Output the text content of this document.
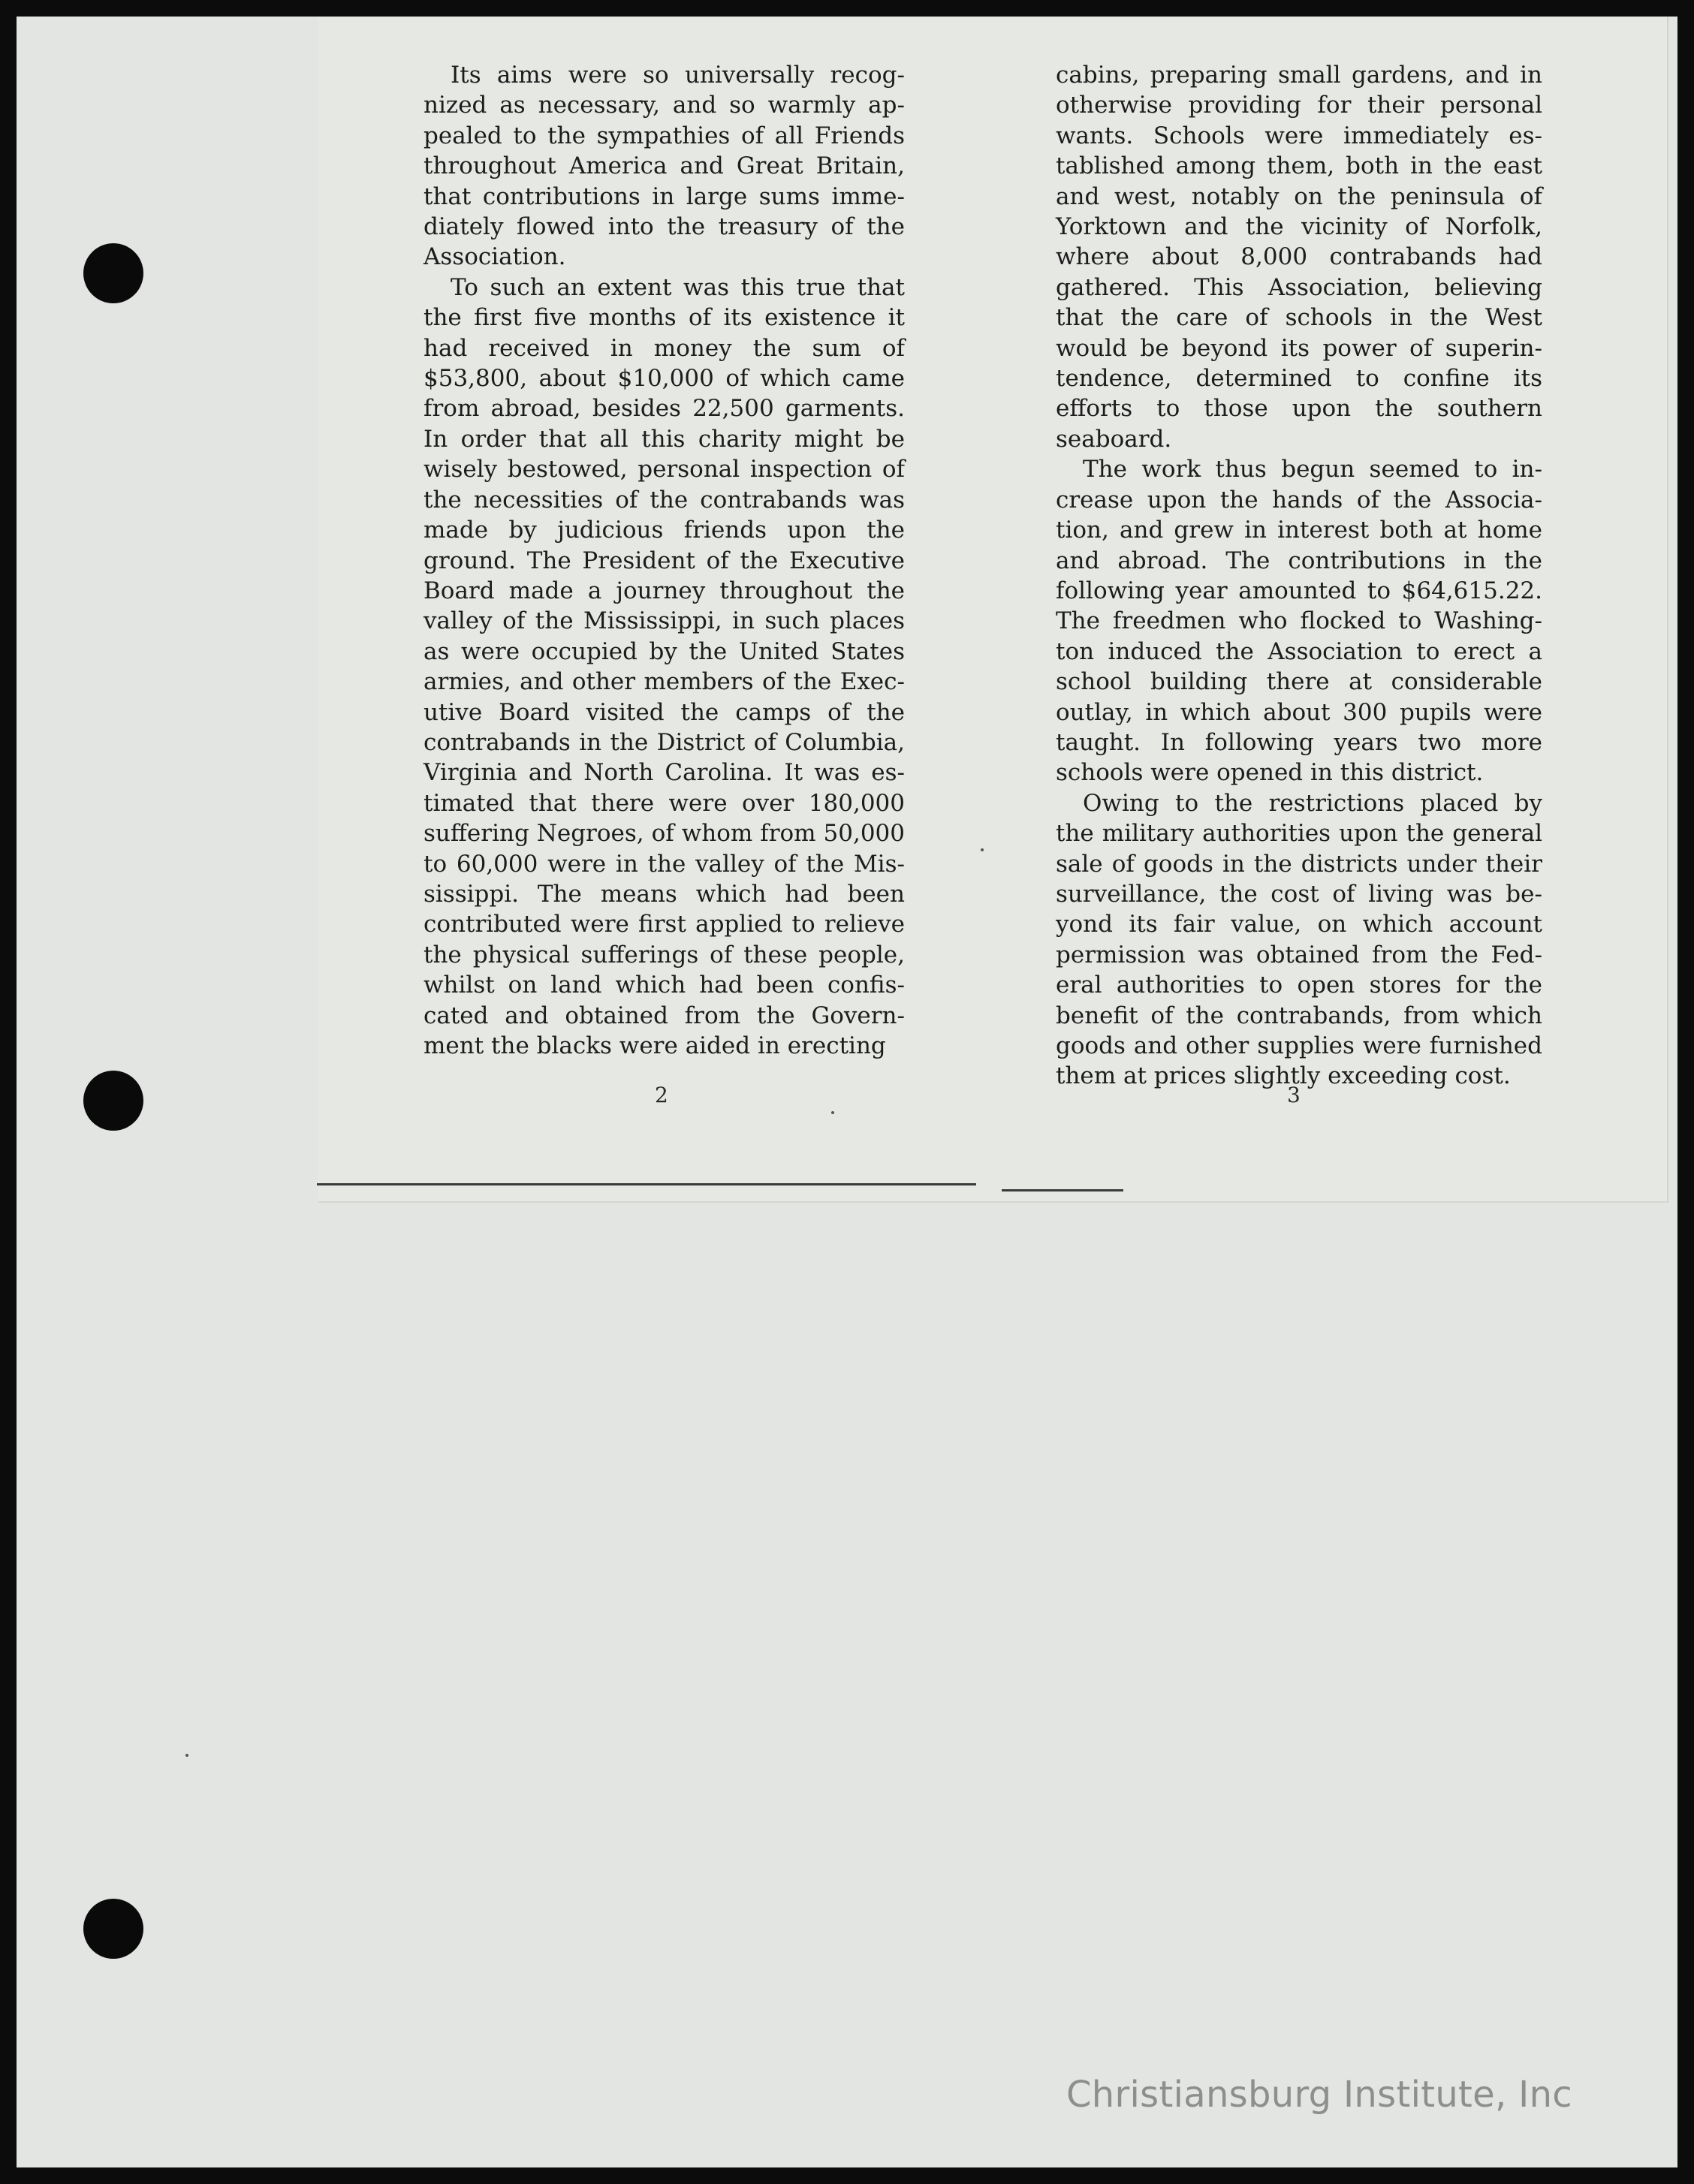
Its aims were so universally recognized as necessary, and so warmly appealed to the sympathies of all Friends throughout America and Great Britain, that contributions in large sums immediately flowed into the treasury of the Association.

To such an extent was this true that the first five months of its existence it had received in money the sum of $53,800, about $10,000 of which came from abroad, besides 22,500 garments. In order that all this charity might be wisely bestowed, personal inspection of the necessities of the contrabands was made by judicious friends upon the ground. The President of the Executive Board made a journey throughout the valley of the Mississippi, in such places as were occupied by the United States armies, and other members of the Executive Board visited the camps of the contrabands in the District of Columbia, Virginia and North Carolina. It was estimated that there were over 180,000 suffering Negroes, of whom from 50,000 to 60,000 were in the valley of the Mississippi. The means which had been contributed were first applied to relieve the physical sufferings of these people, whilst on land which had been confiscated and obtained from the Government the blacks were aided in erecting

2

cabins, preparing small gardens, and in otherwise providing for their personal wants. Schools were immediately established among them, both in the east and west, notably on the peninsula of Yorktown and the vicinity of Norfolk, where about 8,000 contrabands had gathered. This Association, believing that the care of schools in the West would be beyond its power of superintendence, determined to confine its efforts to those upon the southern seaboard.

The work thus begun seemed to increase upon the hands of the Association, and grew in interest both at home and abroad. The contributions in the following year amounted to $64,615.22. The freedmen who flocked to Washington induced the Association to erect a school building there at considerable outlay, in which about 300 pupils were taught. In following years two more schools were opened in this district.

Owing to the restrictions placed by the military authorities upon the general sale of goods in the districts under their surveillance, the cost of living was beyond its fair value, on which account permission was obtained from the Federal authorities to open stores for the benefit of the contrabands, from which goods and other supplies were furnished them at prices slightly exceeding cost.

3
Christiansburg Institute, Inc
